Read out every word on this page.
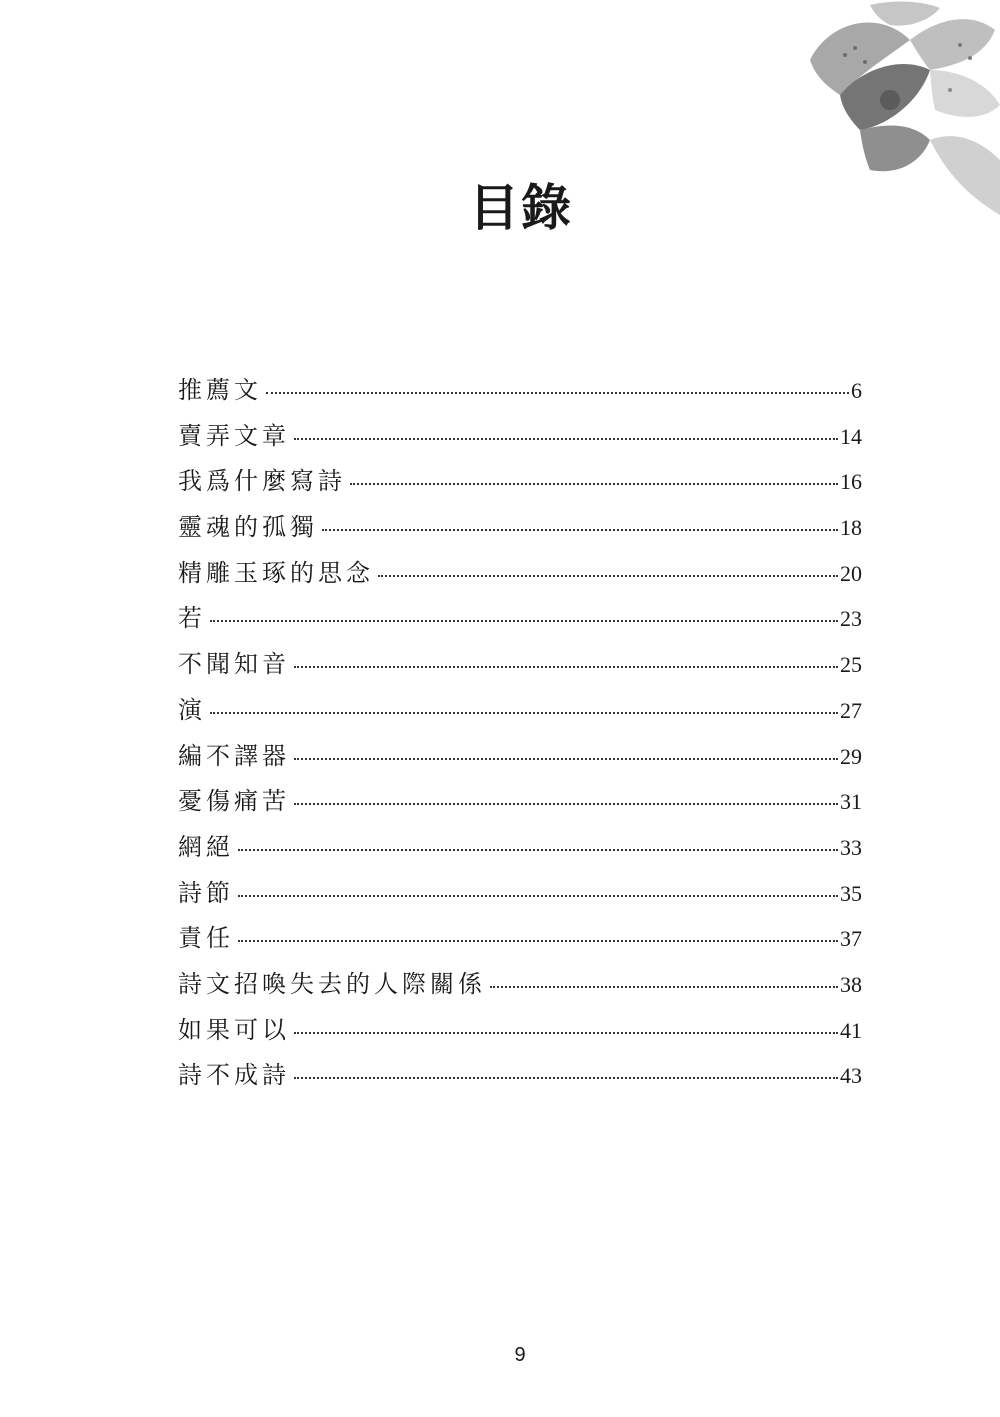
目錄
推薦文	6
賣弄文章	14
我爲什麼寫詩	16
靈魂的孤獨	18
精雕玉琢的思念	20
若	23
不聞知音	25
演	27
編不譯器	29
憂傷痛苦	31
網絕	33
詩節	35
責任	37
詩文招喚失去的人際關係	38
如果可以	41
詩不成詩	43
9
